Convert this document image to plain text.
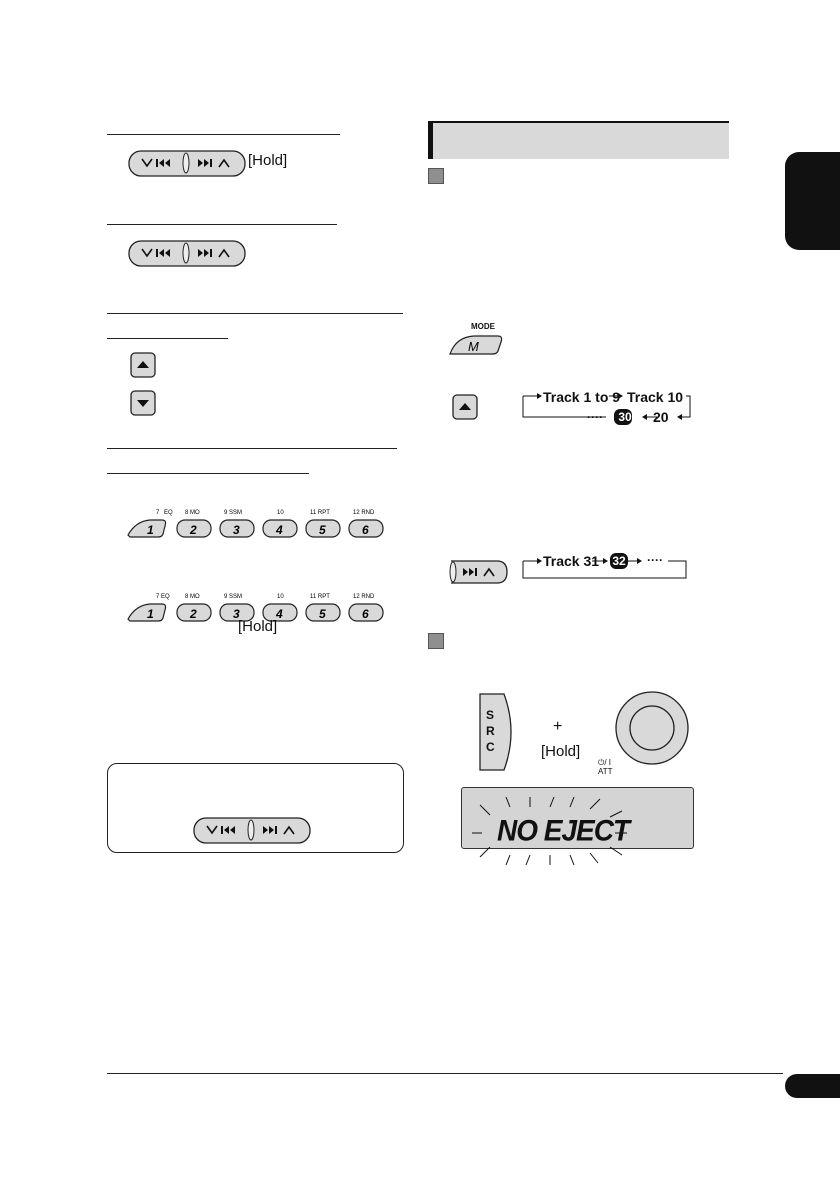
[Hold]
7 EQ
1
8 MO
2
9 SSM
3
10
4
11 RPT
5
12 RND
6
7 EQ
1
8 MO
2
9 SSM
3
10
4
11 RPT
5
12 RND
6
[Hold]
MODE
M
Track 1 to 9 Track 10
20
···· 30
Track 31 32 ····
S
R
C
+
[Hold]
⏻/ I
ATT
NO EJECT
